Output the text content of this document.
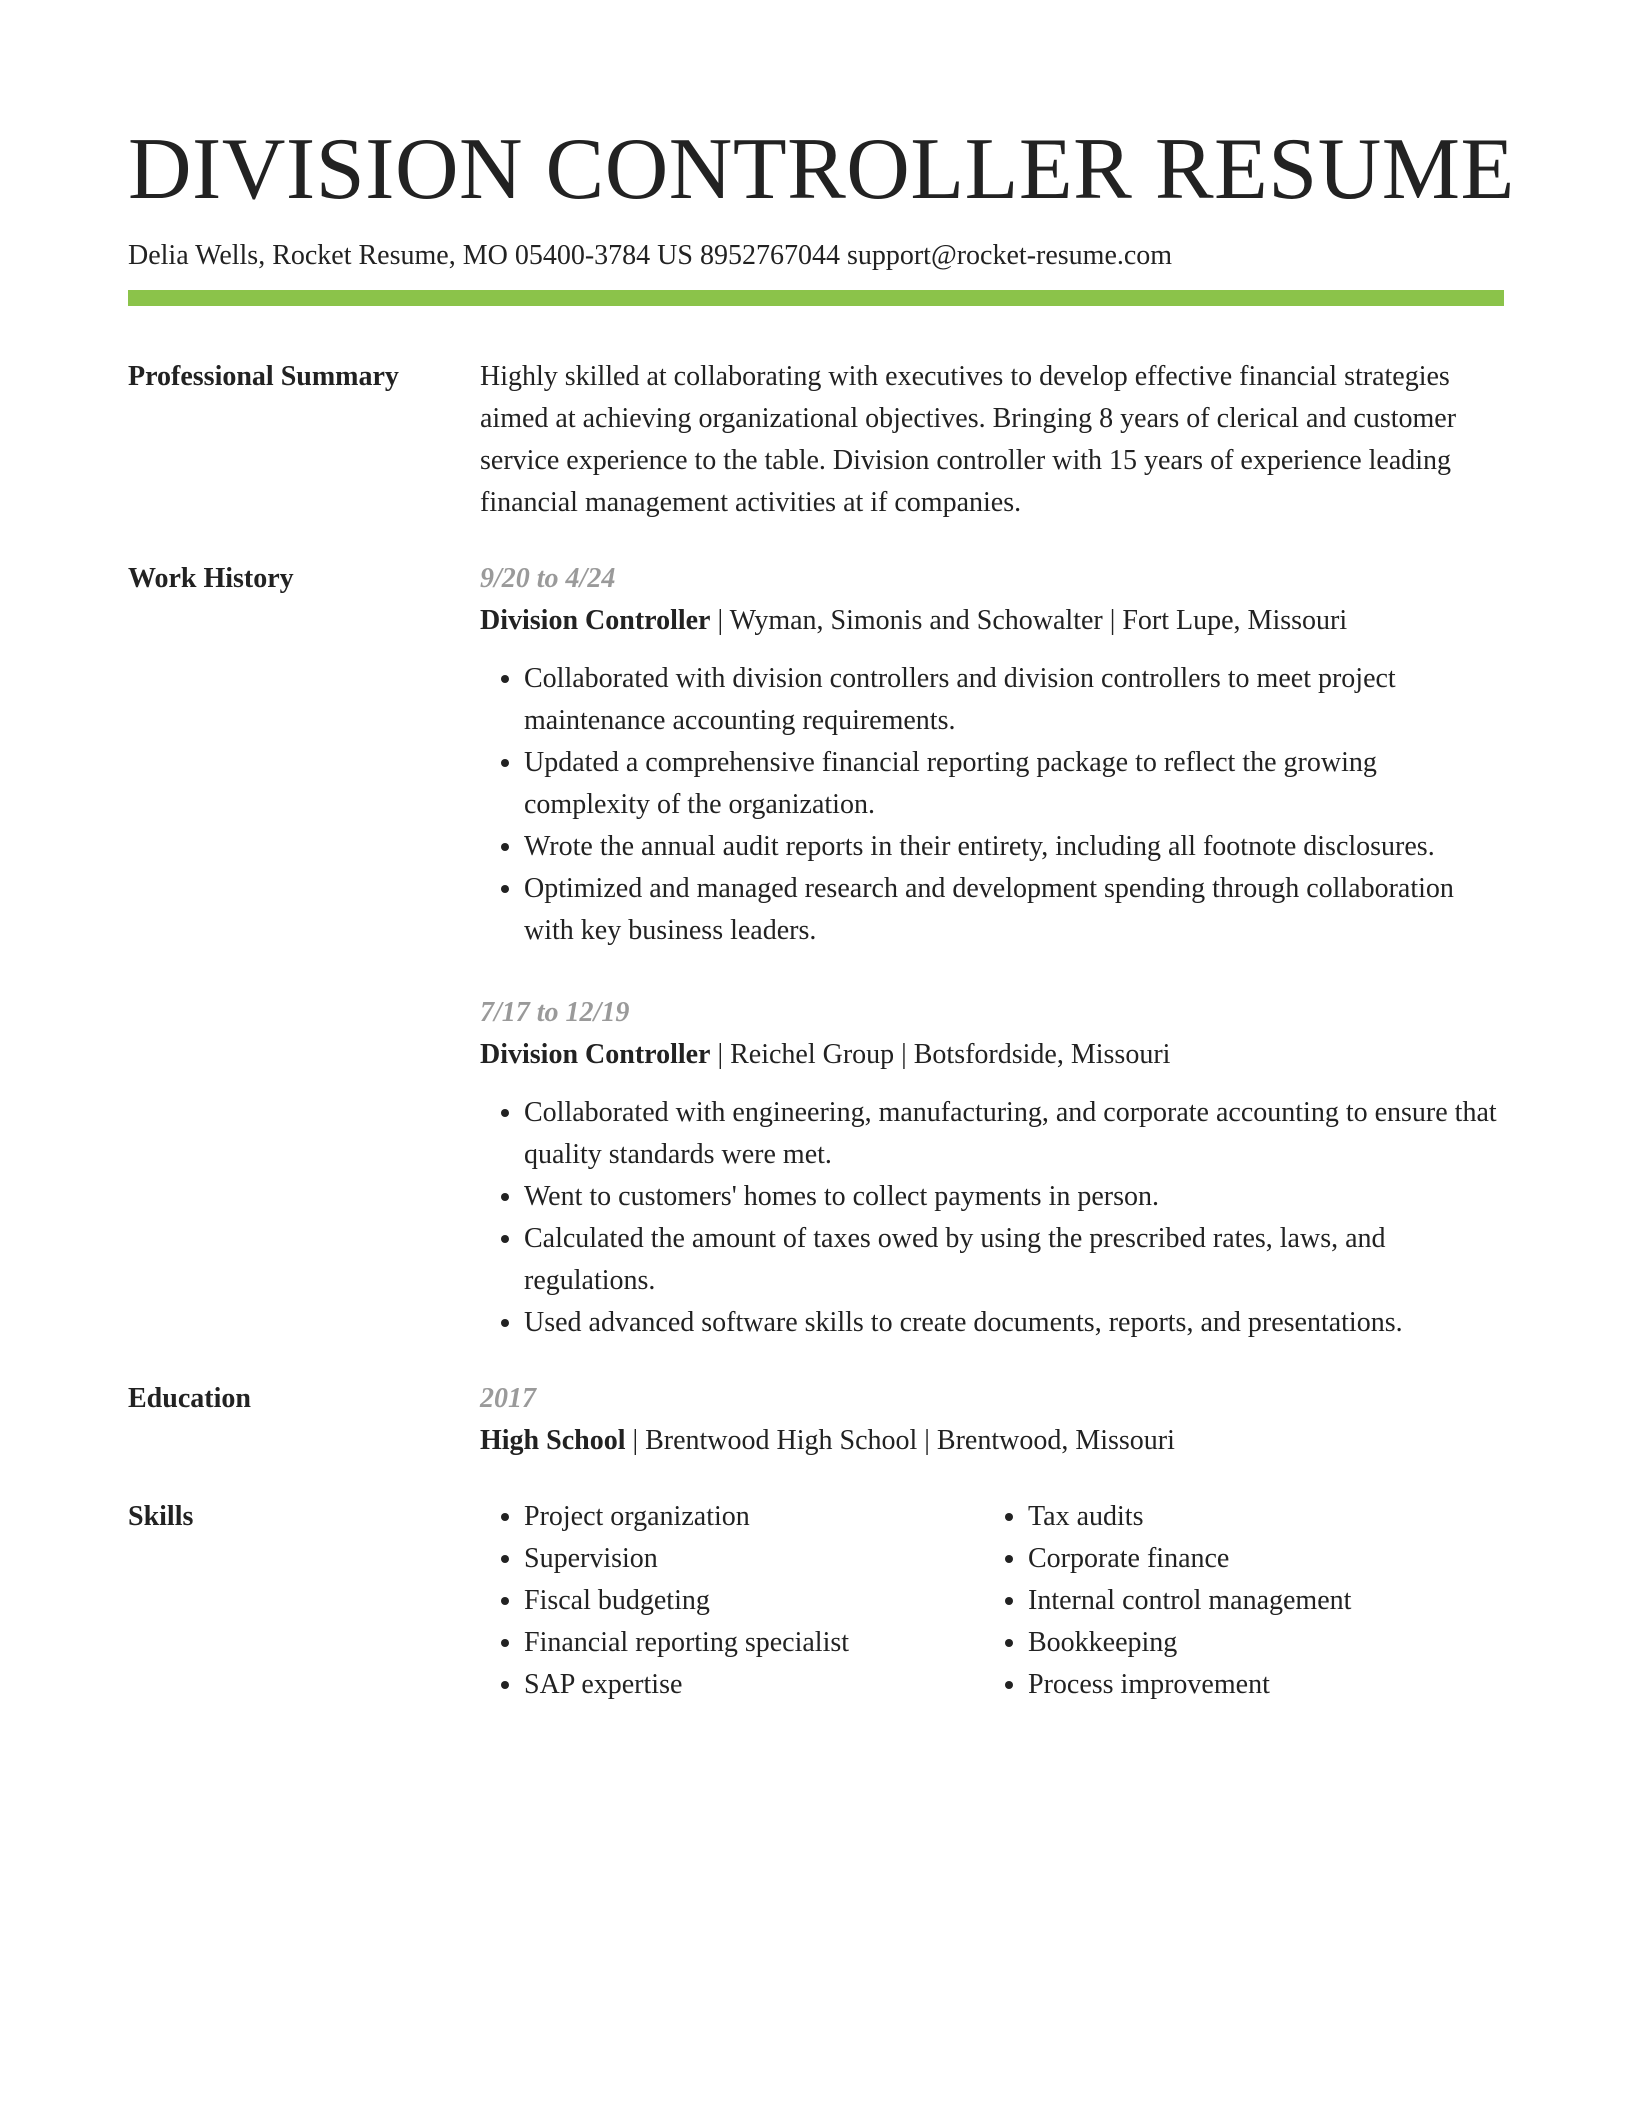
DIVISION CONTROLLER RESUME
Delia Wells, Rocket Resume, MO 05400-3784 US 8952767044 support@rocket-resume.com
Professional Summary	Highly skilled at collaborating with executives to develop effective financial strategies aimed at achieving organizational objectives. Bringing 8 years of clerical and customer service experience to the table. Division controller with 15 years of experience leading financial management activities at if companies.
Work History	9/20 to 4/24
Division Controller | Wyman, Simonis and Schowalter | Fort Lupe, Missouri
• Collaborated with division controllers and division controllers to meet project maintenance accounting requirements.
• Updated a comprehensive financial reporting package to reflect the growing complexity of the organization.
• Wrote the annual audit reports in their entirety, including all footnote disclosures.
• Optimized and managed research and development spending through collaboration with key business leaders.
7/17 to 12/19
Division Controller | Reichel Group | Botsfordside, Missouri
• Collaborated with engineering, manufacturing, and corporate accounting to ensure that quality standards were met.
• Went to customers' homes to collect payments in person.
• Calculated the amount of taxes owed by using the prescribed rates, laws, and regulations.
• Used advanced software skills to create documents, reports, and presentations.
Education	2017
High School | Brentwood High School | Brentwood, Missouri
Skills
•	Project organization
• Supervision
• Fiscal budgeting
• Financial reporting specialist
• SAP expertise
• Tax audits
• Corporate finance
• Internal control management
• Bookkeeping
• Process improvement
